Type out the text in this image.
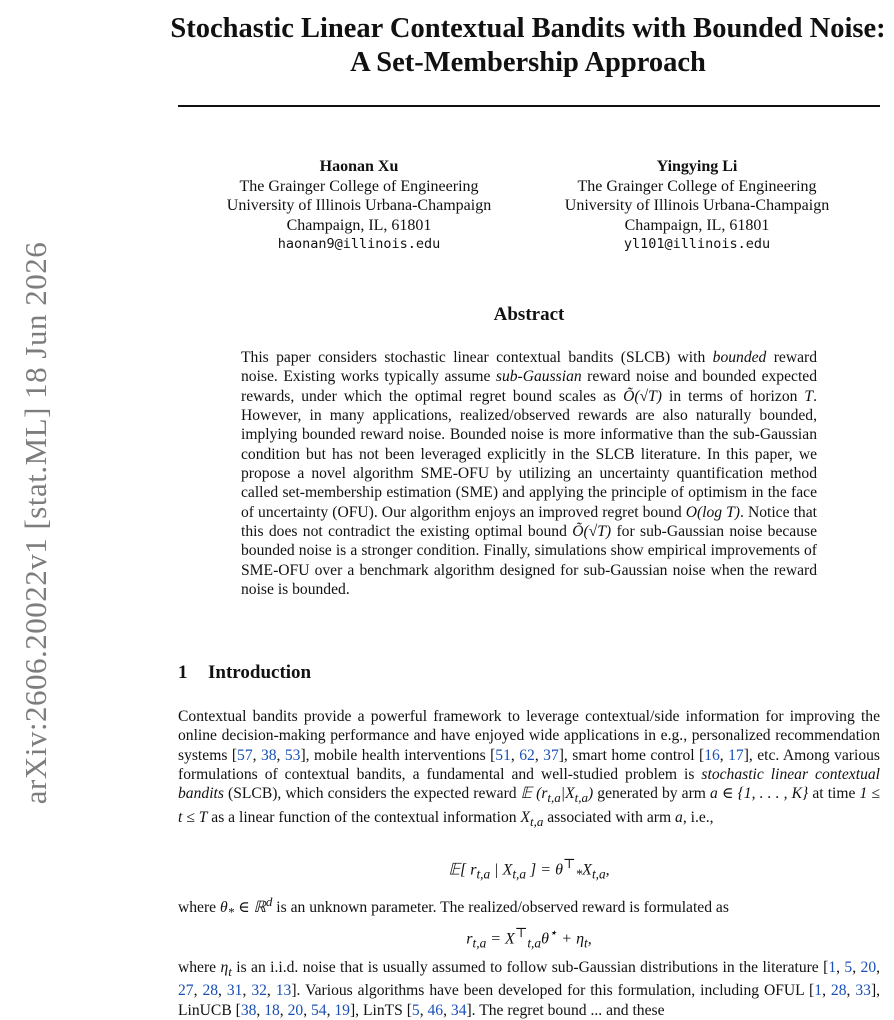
arXiv:2606.20022v1 [stat.ML] 18 Jun 2026
Stochastic Linear Contextual Bandits with Bounded Noise: A Set-Membership Approach
Haonan Xu
The Grainger College of Engineering
University of Illinois Urbana-Champaign
Champaign, IL, 61801
haonan9@illinois.edu
Yingying Li
The Grainger College of Engineering
University of Illinois Urbana-Champaign
Champaign, IL, 61801
yl101@illinois.edu
Abstract
This paper considers stochastic linear contextual bandits (SLCB) with bounded reward noise. Existing works typically assume sub-Gaussian reward noise and bounded expected rewards, under which the optimal regret bound scales as Õ(√T) in terms of horizon T. However, in many applications, realized/observed rewards are also naturally bounded, implying bounded reward noise. Bounded noise is more informative than the sub-Gaussian condition but has not been leveraged explicitly in the SLCB literature. In this paper, we propose a novel algorithm SME-OFU by utilizing an uncertainty quantification method called set-membership estimation (SME) and applying the principle of optimism in the face of uncertainty (OFU). Our algorithm enjoys an improved regret bound O(log T). Notice that this does not contradict the existing optimal bound Õ(√T) for sub-Gaussian noise because bounded noise is a stronger condition. Finally, simulations show empirical improvements of SME-OFU over a benchmark algorithm designed for sub-Gaussian noise when the reward noise is bounded.
1 Introduction
Contextual bandits provide a powerful framework to leverage contextual/side information for improving the online decision-making performance and have enjoyed wide applications in e.g., personalized recommendation systems [57, 38, 53], mobile health interventions [51, 62, 37], smart home control [16, 17], etc. Among various formulations of contextual bandits, a fundamental and well-studied problem is stochastic linear contextual bandits (SLCB), which considers the expected reward 𝔼 $(r_{t,a}|X_{t,a})$ generated by arm a ∈ {1, . . . , K} at time 1 ≤ t ≤ T as a linear function of the contextual information $X_{t,a}$ associated with arm a, i.e.,
𝔼[ $r_{t,a}$ | $X_{t,a}$ ] = $\theta^⊤_*X_{t,a}$,
where $\theta_*$ ∈ ℝ$^d$ is an unknown parameter. The realized/observed reward is formulated as
$r_{t,a} = X^⊤_{t,a}\theta^⋆ + \eta_t$,
where $\eta_t$ is an i.i.d. noise that is usually assumed to follow sub-Gaussian distributions in the literature [1, 5, 20, 27, 28, 31, 32, 13]. Various algorithms have been developed for this formulation, including OFUL [1, 28, 33], LinUCB [38, 18, 20, 54, 19], LinTS [5, 46, 34]. The regret bound ... and these
